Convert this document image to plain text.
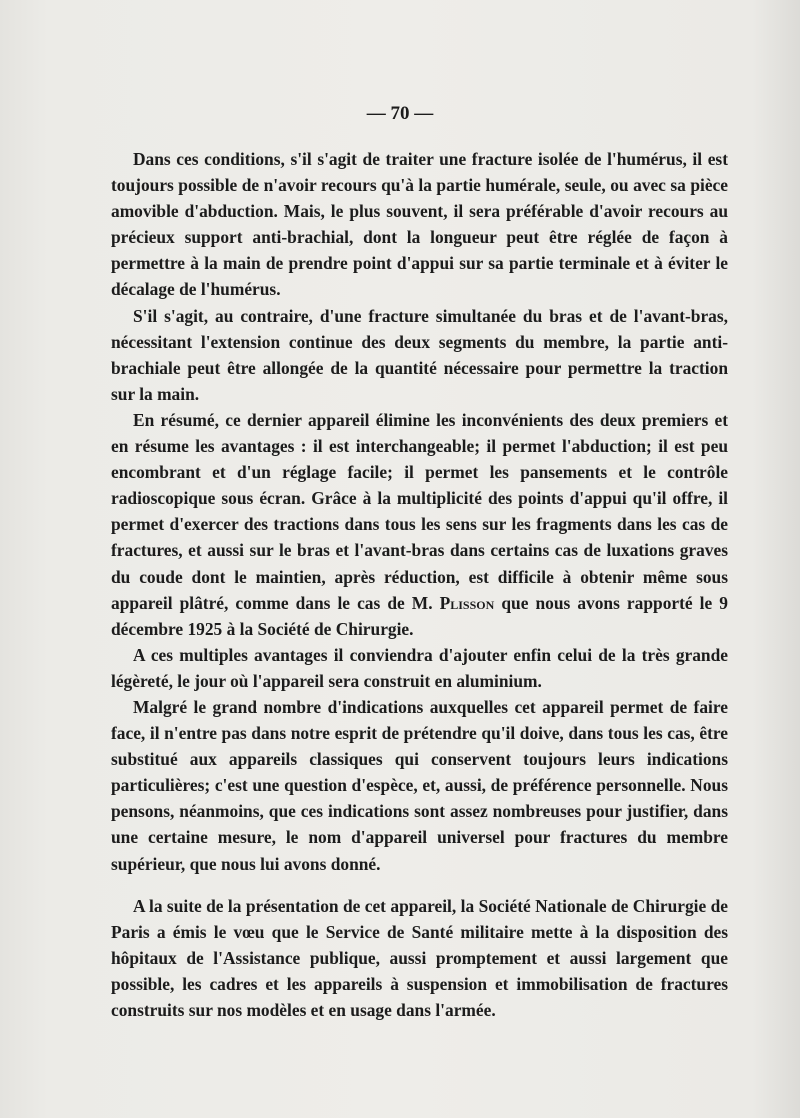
— 70 —

Dans ces conditions, s'il s'agit de traiter une fracture isolée de l'humérus, il est toujours possible de n'avoir recours qu'à la partie humérale, seule, ou avec sa pièce amovible d'abduction. Mais, le plus souvent, il sera préférable d'avoir recours au précieux support anti-brachial, dont la longueur peut être réglée de façon à permettre à la main de prendre point d'appui sur sa partie terminale et à éviter le décalage de l'humérus.

S'il s'agit, au contraire, d'une fracture simultanée du bras et de l'avant-bras, nécessitant l'extension continue des deux segments du membre, la partie anti-brachiale peut être allongée de la quantité nécessaire pour permettre la traction sur la main.

En résumé, ce dernier appareil élimine les inconvénients des deux premiers et en résume les avantages : il est interchangeable; il permet l'abduction; il est peu encombrant et d'un réglage facile; il permet les pansements et le contrôle radioscopique sous écran. Grâce à la multiplicité des points d'appui qu'il offre, il permet d'exercer des tractions dans tous les sens sur les fragments dans les cas de fractures, et aussi sur le bras et l'avant-bras dans certains cas de luxations graves du coude dont le maintien, après réduction, est difficile à obtenir même sous appareil plâtré, comme dans le cas de M. Plisson que nous avons rapporté le 9 décembre 1925 à la Société de Chirurgie.

A ces multiples avantages il conviendra d'ajouter enfin celui de la très grande légèreté, le jour où l'appareil sera construit en aluminium.

Malgré le grand nombre d'indications auxquelles cet appareil permet de faire face, il n'entre pas dans notre esprit de prétendre qu'il doive, dans tous les cas, être substitué aux appareils classiques qui conservent toujours leurs indications particulières; c'est une question d'espèce, et, aussi, de préférence personnelle. Nous pensons, néanmoins, que ces indications sont assez nombreuses pour justifier, dans une certaine mesure, le nom d'appareil universel pour fractures du membre supérieur, que nous lui avons donné.

A la suite de la présentation de cet appareil, la Société Nationale de Chirurgie de Paris a émis le vœu que le Service de Santé militaire mette à la disposition des hôpitaux de l'Assistance publique, aussi promptement et aussi largement que possible, les cadres et les appareils à suspension et immobilisation de fractures construits sur nos modèles et en usage dans l'armée.
